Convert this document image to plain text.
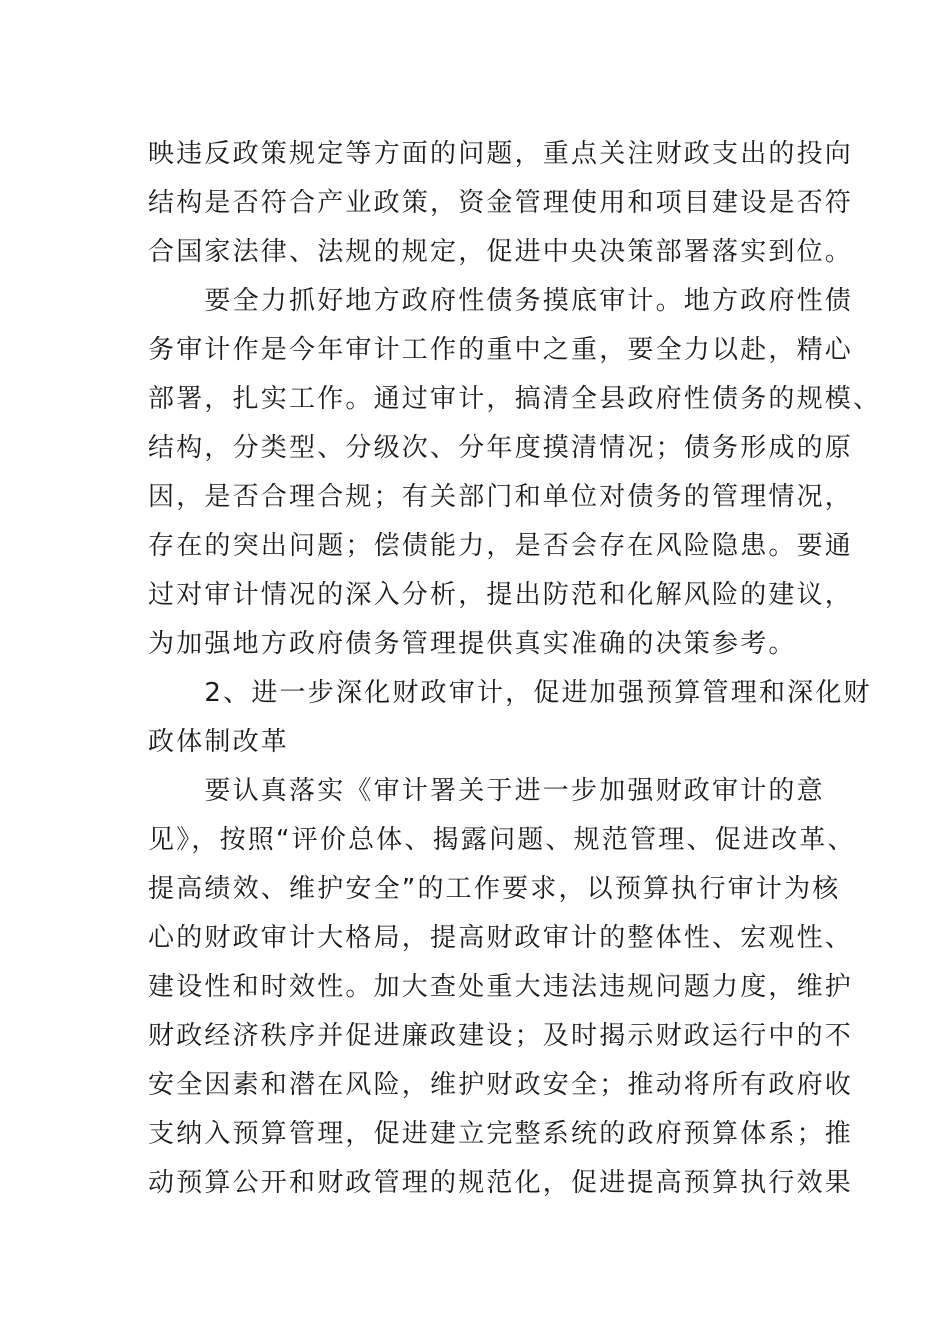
映违反政策规定等方面的问题，重点关注财政支出的投向
结构是否符合产业政策，资金管理使用和项目建设是否符
合国家法律、法规的规定，促进中央决策部署落实到位。
　　要全力抓好地方政府性债务摸底审计。地方政府性债
务审计作是今年审计工作的重中之重，要全力以赴，精心
部署，扎实工作。通过审计，搞清全县政府性债务的规模、
结构，分类型、分级次、分年度摸清情况；债务形成的原
因，是否合理合规；有关部门和单位对债务的管理情况，
存在的突出问题；偿债能力，是否会存在风险隐患。要通
过对审计情况的深入分析，提出防范和化解风险的建议，
为加强地方政府债务管理提供真实准确的决策参考。
　　2、进一步深化财政审计，促进加强预算管理和深化财
政体制改革
　　要认真落实《审计署关于进一步加强财政审计的意
见》，按照“评价总体、揭露问题、规范管理、促进改革、
提高绩效、维护安全”的工作要求，以预算执行审计为核
心的财政审计大格局，提高财政审计的整体性、宏观性、
建设性和时效性。加大查处重大违法违规问题力度，维护
财政经济秩序并促进廉政建设；及时揭示财政运行中的不
安全因素和潜在风险，维护财政安全；推动将所有政府收
支纳入预算管理，促进建立完整系统的政府预算体系；推
动预算公开和财政管理的规范化，促进提高预算执行效果
